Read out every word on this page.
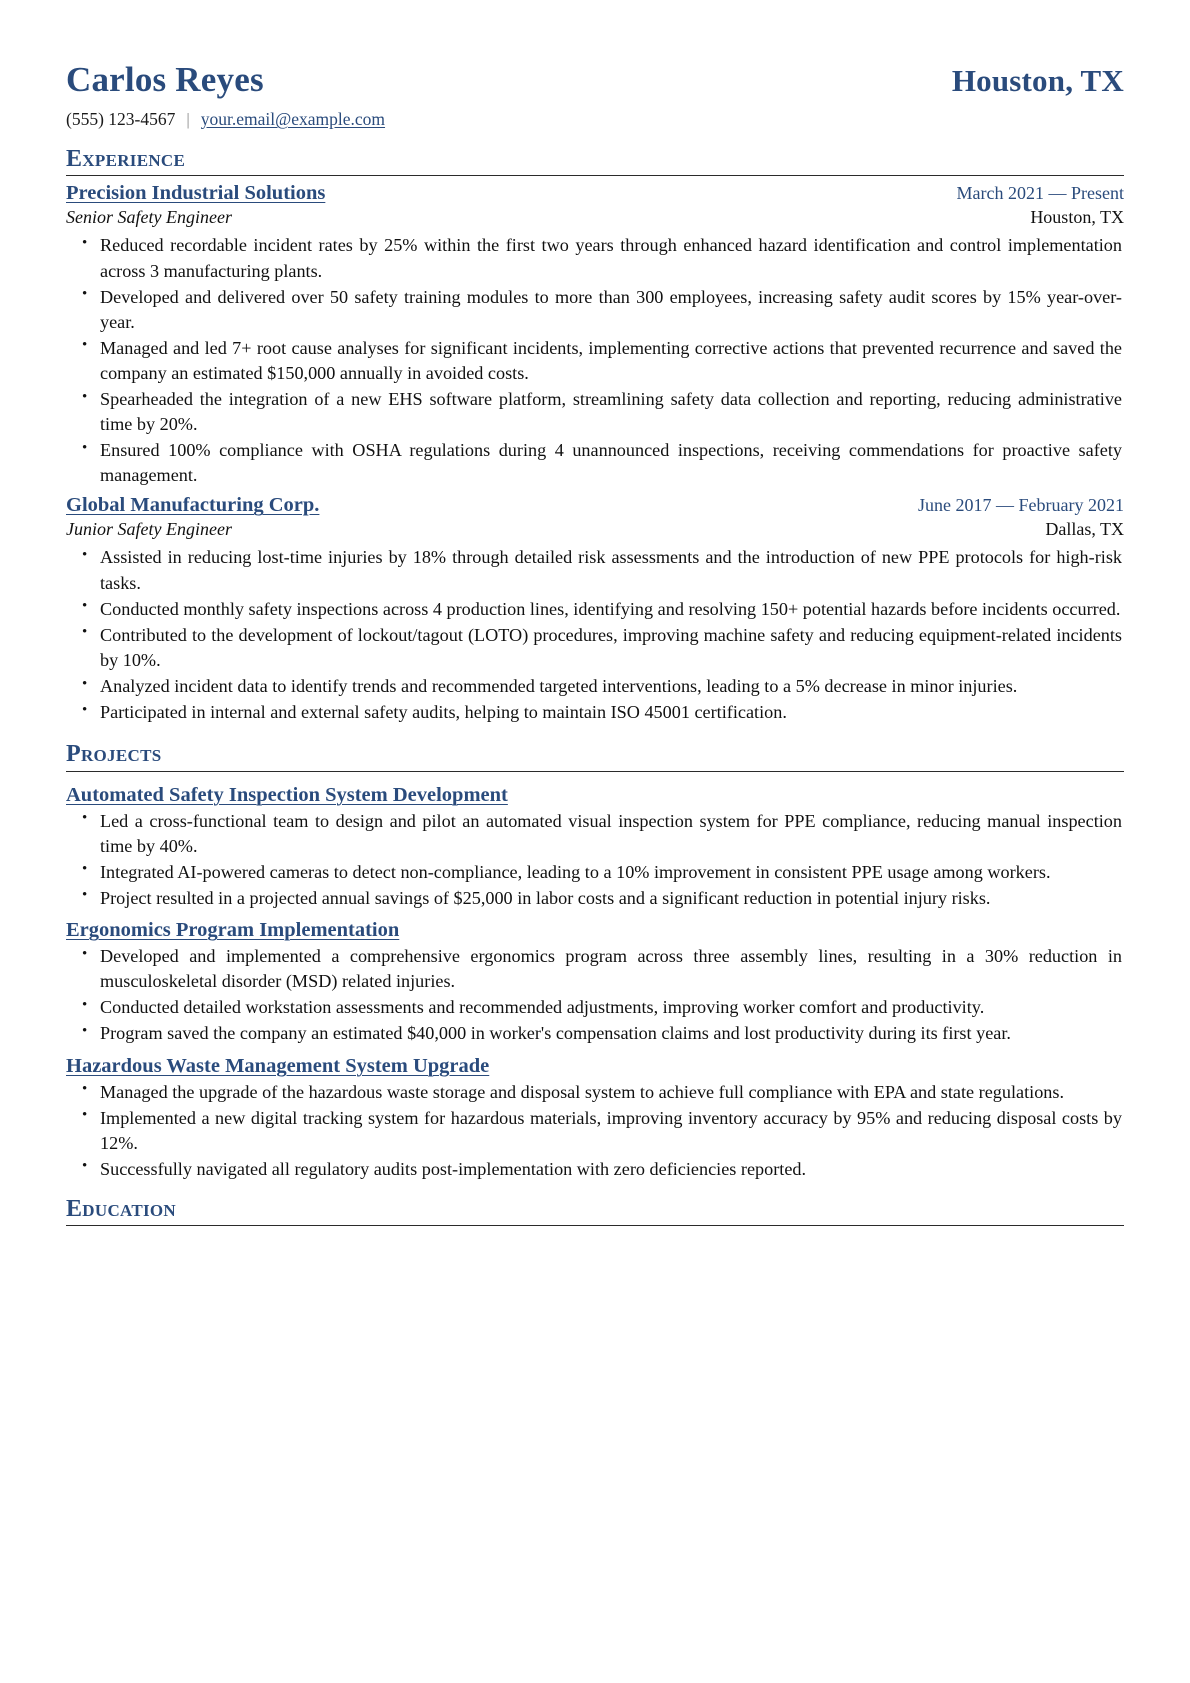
Carlos Reyes	Houston, TX
(555) 123-4567 | your.email@example.com
Experience
Precision Industrial Solutions	March 2021 — Present
Senior Safety Engineer	Houston, TX
• Reduced recordable incident rates by 25% within the first two years through enhanced hazard identification and control implementation across 3 manufacturing plants.
• Developed and delivered over 50 safety training modules to more than 300 employees, increasing safety audit scores by 15% year-over-year.
• Managed and led 7+ root cause analyses for significant incidents, implementing corrective actions that prevented recurrence and saved the company an estimated $150,000 annually in avoided costs.
• Spearheaded the integration of a new EHS software platform, streamlining safety data collection and reporting, reducing administrative time by 20%.
• Ensured 100% compliance with OSHA regulations during 4 unannounced inspections, receiving commendations for proactive safety management.
Global Manufacturing Corp.	June 2017 — February 2021
Junior Safety Engineer	Dallas, TX
• Assisted in reducing lost-time injuries by 18% through detailed risk assessments and the introduction of new PPE protocols for high-risk tasks.
• Conducted monthly safety inspections across 4 production lines, identifying and resolving 150+ potential hazards before incidents occurred.
• Contributed to the development of lockout/tagout (LOTO) procedures, improving machine safety and reducing equipment-related incidents by 10%.
• Analyzed incident data to identify trends and recommended targeted interventions, leading to a 5% decrease in minor injuries.
• Participated in internal and external safety audits, helping to maintain ISO 45001 certification.
Projects
Automated Safety Inspection System Development
• Led a cross-functional team to design and pilot an automated visual inspection system for PPE compliance, reducing manual inspection time by 40%.
• Integrated AI-powered cameras to detect non-compliance, leading to a 10% improvement in consistent PPE usage among workers.
• Project resulted in a projected annual savings of $25,000 in labor costs and a significant reduction in potential injury risks.
Ergonomics Program Implementation
• Developed and implemented a comprehensive ergonomics program across three assembly lines, resulting in a 30% reduction in musculoskeletal disorder (MSD) related injuries.
• Conducted detailed workstation assessments and recommended adjustments, improving worker comfort and productivity.
• Program saved the company an estimated $40,000 in worker's compensation claims and lost productivity during its first year.
Hazardous Waste Management System Upgrade
• Managed the upgrade of the hazardous waste storage and disposal system to achieve full compliance with EPA and state regulations.
• Implemented a new digital tracking system for hazardous materials, improving inventory accuracy by 95% and reducing disposal costs by 12%.
• Successfully navigated all regulatory audits post-implementation with zero deficiencies reported.
Education
